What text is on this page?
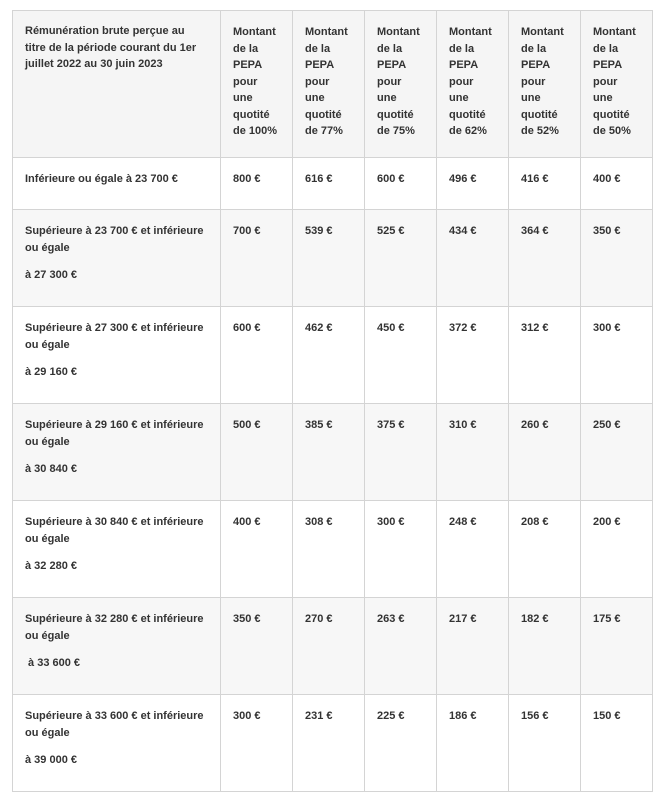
Rémunération brute perçue au titre de la période courant du 1er juillet 2022 au 30 juin 2023	Montant de la PEPA pour une quotité de 100%	Montant de la PEPA pour une quotité de 77%	Montant de la PEPA pour une quotité de 75%	Montant de la PEPA pour une quotité de 62%	Montant de la PEPA pour une quotité de 52%	Montant de la PEPA pour une quotité de 50%
Inférieure ou égale à 23 700 €	800 €	616 €	600 €	496 €	416 €	400 €

Supérieure à 23 700 € et inférieure
ou égale
à 27 300 €	700 €	539 €	525 €	434 €	364 €	350 €

Supérieure à 27 300 € et inférieure
ou égale
à 29 160 €	600 €	462 €	450 €	372 €	312 €	300 €

Supérieure à 29 160 € et inférieure
ou égale
à 30 840 €	500 €	385 €	375 €	310 €	260 €	250 €

Supérieure à 30 840 € et inférieure
ou égale
à 32 280 €	400 €	308 €	300 €	248 €	208 €	200 €

Supérieure à 32 280 € et inférieure
ou égale
à 33 600 €	350 €	270 €	263 €	217 €	182 €	175 €

Supérieure à 33 600 € et inférieure
ou égale
à 39 000 €	300 €	231 €	225 €	186 €	156 €	150 €
